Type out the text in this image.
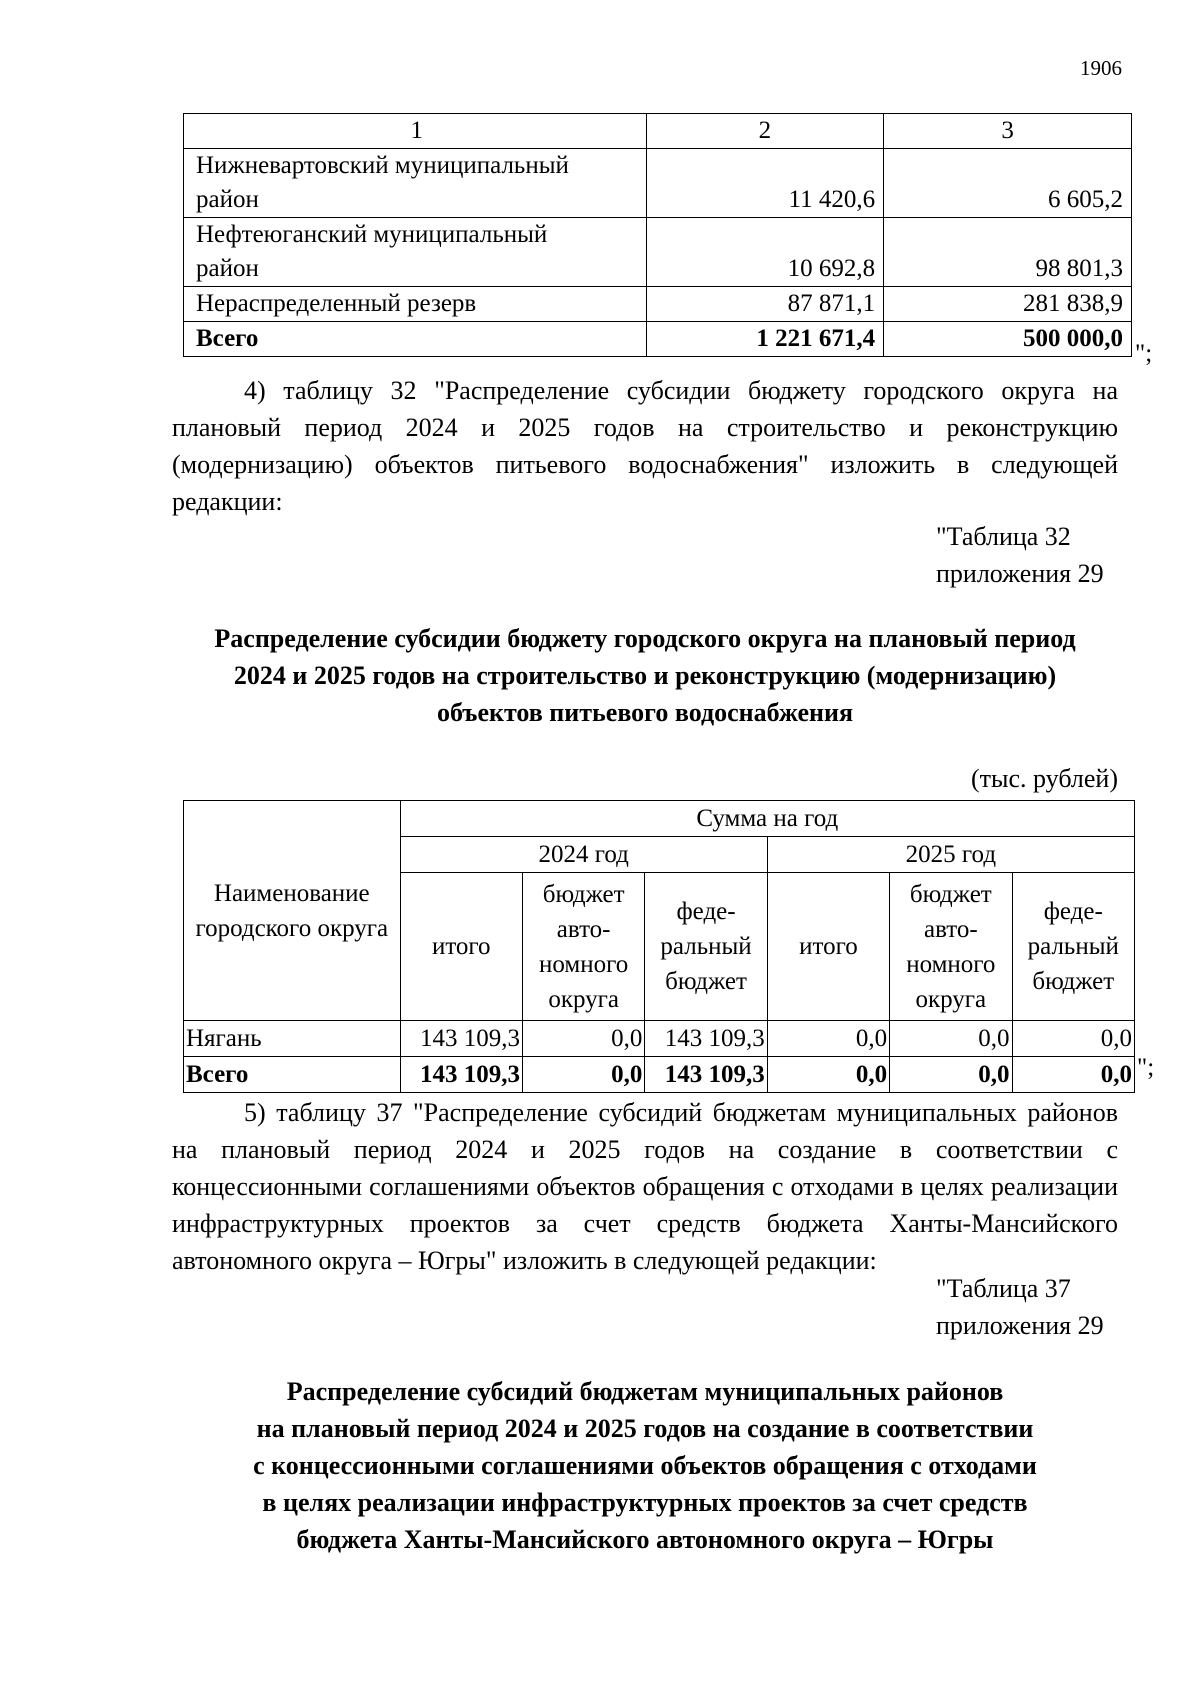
1906
1	2	3
Нижневартовский муниципальный
район	11 420,6	6 605,2
Нефтеюганский муниципальный
район	10 692,8	98 801,3
Нераспределенный резерв	87 871,1	281 838,9
Всего	1 221 671,4	500 000,0
";
4) таблицу 32 "Распределение субсидии бюджету городского округа на плановый период 2024 и 2025 годов на строительство и реконструкцию (модернизацию) объектов питьевого водоснабжения" изложить в следующей редакции:
"Таблица 32
приложения 29
Распределение субсидии бюджету городского округа на плановый период
2024 и 2025 годов на строительство и реконструкцию (модернизацию)
объектов питьевого водоснабжения
(тыс. рублей)
Наименование городского округа	Сумма на год					
	2024 год			2025 год		
	итого	бюджет авто-номного округа	феде-ральный бюджет	итого	бюджет авто-номного округа	феде-ральный бюджет
Нягань	143 109,3	0,0	143 109,3	0,0	0,0	0,0
Всего	143 109,3	0,0	143 109,3	0,0	0,0	0,0 ";
5) таблицу 37 "Распределение субсидий бюджетам муниципальных районов на плановый период 2024 и 2025 годов на создание в соответствии с концессионными соглашениями объектов обращения с отходами в целях реализации инфраструктурных проектов за счет средств бюджета Ханты-Мансийского автономного округа – Югры" изложить в следующей редакции:
"Таблица 37
приложения 29
Распределение субсидий бюджетам муниципальных районов
на плановый период 2024 и 2025 годов на создание в соответствии
с концессионными соглашениями объектов обращения с отходами
в целях реализации инфраструктурных проектов за счет средств
бюджета Ханты-Мансийского автономного округа – Югры
